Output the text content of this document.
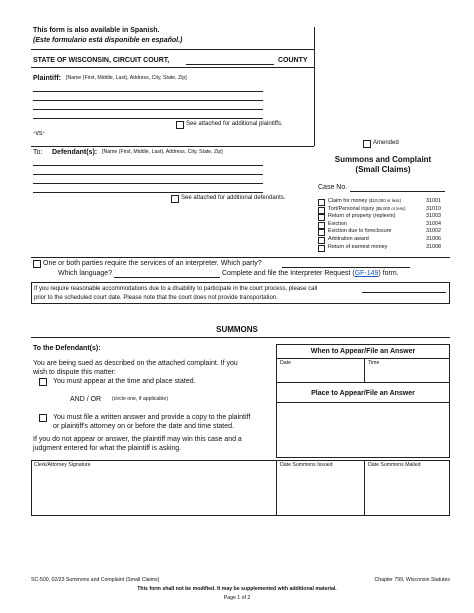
This form is also available in Spanish.
(Este formulario está disponible en español.)
STATE OF WISCONSIN, CIRCUIT COURT,	COUNTY
Plaintiff: [Name (First, Middle, Last), Address, City, State, Zip]
See attached for additional plaintiffs.
-vs-
To: Defendant(s): [Name (First, Middle, Last), Address, City, State, Zip]
See attached for additional defendants.
Amended
Summons and Complaint
(Small Claims)
Case No.
Claim for money ($10,000 or less)	31001
Tort/Personal injury ($5,000 or less)	31010
Return of property (replevin)	31003
Eviction	31004
Eviction due to foreclosure	31002
Arbitration award	31006
Return of earnest money	31008
One or both parties require the services of an interpreter. Which party?
Which language?	Complete and file the Interpreter Request (GF-149) form.
If you require reasonable accommodations due to a disability to participate in the court process, please call
prior to the scheduled court date. Please note that the court does not provide transportation.
SUMMONS
To the Defendant(s):
You are being sued as described on the attached complaint. If you
wish to dispute this matter:
You must appear at the time and place stated.
AND / OR (circle one, if applicable)
You must file a written answer and provide a copy to the plaintiff
or plaintiff's attorney on or before the date and time stated.
If you do not appear or answer, the plaintiff may win this case and a
judgment entered for what the plaintiff is asking.
When to Appear/File an Answer
Date	Time
Place to Appear/File an Answer
Clerk/Attorney Signature	Date Summons Issued	Date Summons Mailed
SC-500, 02/23 Summons and Complaint (Small Claims)	Chapter 799, Wisconsin Statutes
This form shall not be modified. It may be supplemented with additional material.
Page 1 of 2
